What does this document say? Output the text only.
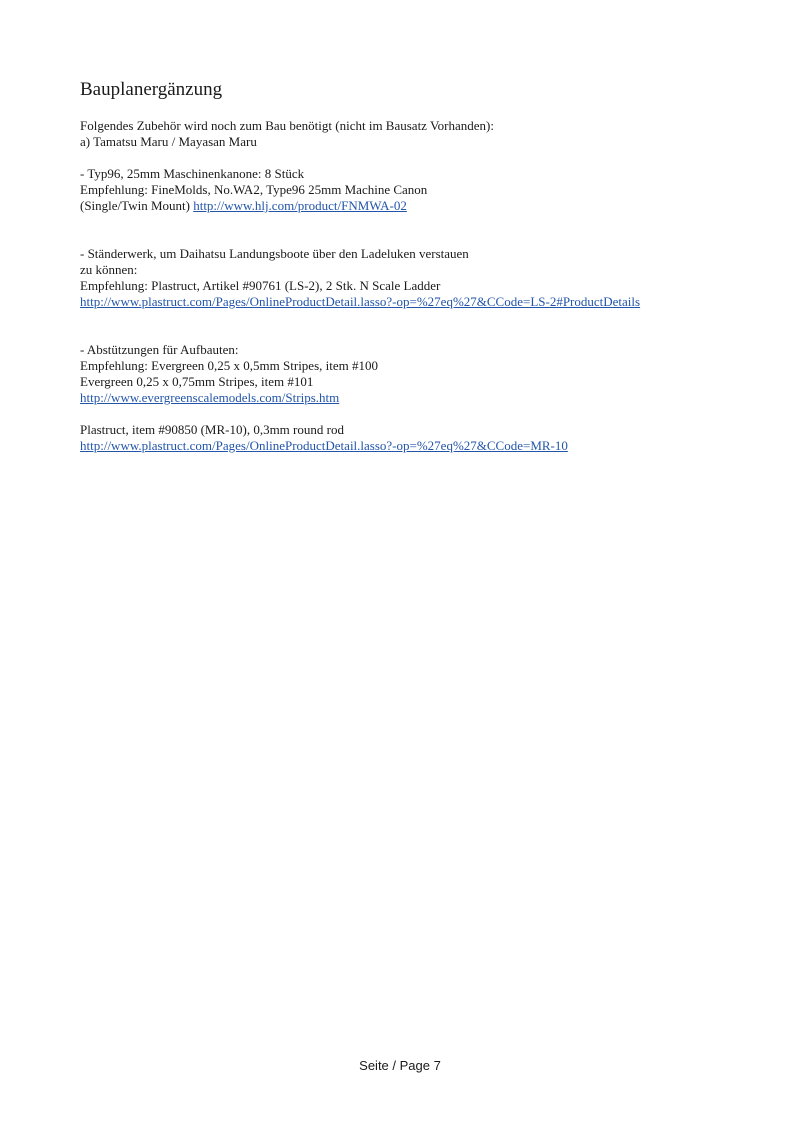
Bauplanergänzung
Folgendes Zubehör wird noch zum Bau benötigt (nicht im Bausatz Vorhanden):
a) Tamatsu Maru / Mayasan Maru
- Typ96, 25mm Maschinenkanone: 8 Stück
Empfehlung: FineMolds, No.WA2, Type96 25mm Machine Canon
(Single/Twin Mount) http://www.hlj.com/product/FNMWA-02
- Ständerwerk, um Daihatsu Landungsboote über den Ladeluken verstauen
zu können:
Empfehlung: Plastruct, Artikel #90761 (LS-2), 2 Stk. N Scale Ladder
http://www.plastruct.com/Pages/OnlineProductDetail.lasso?-op=%27eq%27&CCode=LS-2#ProductDetails
- Abstützungen für Aufbauten:
Empfehlung: Evergreen 0,25 x 0,5mm Stripes, item #100
Evergreen 0,25 x 0,75mm Stripes, item #101
http://www.evergreenscalemodels.com/Strips.htm
Plastruct, item #90850 (MR-10), 0,3mm round rod
http://www.plastruct.com/Pages/OnlineProductDetail.lasso?-op=%27eq%27&CCode=MR-10
Seite / Page 7
